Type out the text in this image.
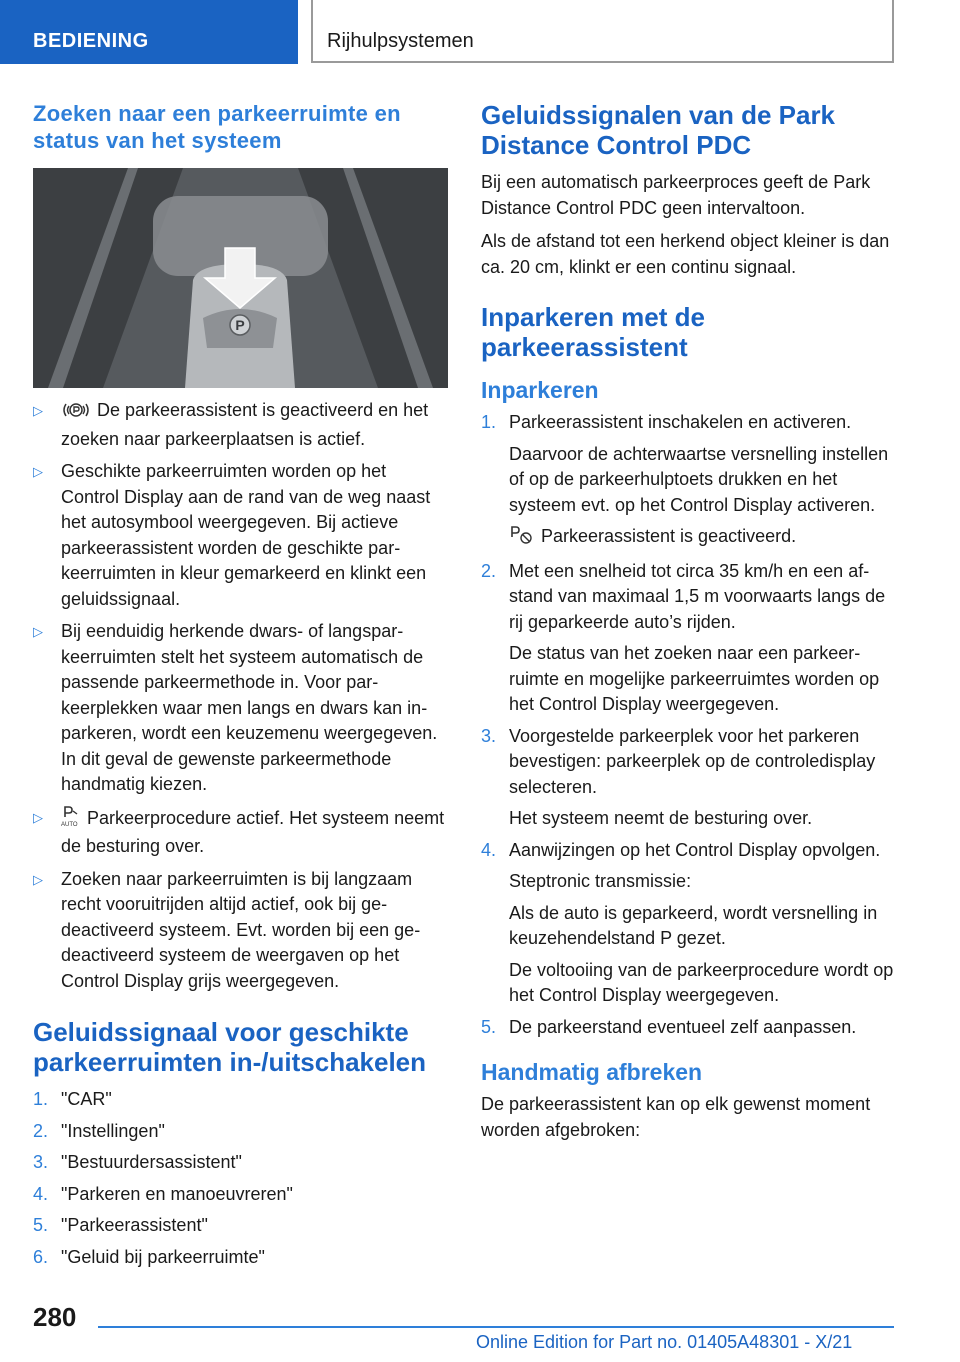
BEDIENING	Rijhulpsystemen
Zoeken naar een parkeerruimte en status van het systeem
P
▷	De parkeerassistent is geactiveerd en het zoeken naar parkeerplaatsen is actief.
▷ Geschikte parkeerruimten worden op het Control Display aan de rand van de weg naast het autosymbool weergegeven. Bij actieve parkeerassistent worden de geschikte parkeerruimten in kleur gemarkeerd en klinkt een geluidssignaal.
▷ Bij eenduidig herkende dwars- of langsparkeerruimten stelt het systeem automatisch de passende parkeermethode in. Voor parkeerplekken waar men langs en dwars kan inparkeren, wordt een keuzemenu weergegeven. In dit geval de gewenste parkeermethode handmatig kiezen.
▷	AUTO Parkeerprocedure actief. Het systeem neemt de besturing over.
▷ Zoeken naar parkeerruimten is bij langzaam recht vooruitrijden altijd actief, ook bij gedeactiveerd systeem. Evt. worden bij een gedeactiveerd systeem de weergaven op het Control Display grijs weergegeven.
Geluidssignaal voor geschikte parkeerruimten in-/uitschakelen
1. "CAR"
2. "Instellingen"
3. "Bestuurdersassistent"
4. "Parkeren en manoeuvreren"
5. "Parkeerassistent"
6. "Geluid bij parkeerruimte"
Geluidssignalen van de Park Distance Control PDC

Bij een automatisch parkeerproces geeft de Park Distance Control PDC geen intervaltoon.

Als de afstand tot een herkend object kleiner is dan ca. 20 cm, klinkt er een continu signaal.

Inparkeren met de parkeerassistent
Inparkeren
1. Parkeerassistent inschakelen en activeren.
Daarvoor de achterwaartse versnelling instellen of op de parkeerhulptoets drukken en het systeem evt. op het Control Display activeren.
Parkeerassistent is geactiveerd.
2. Met een snelheid tot circa 35 km/h en een afstand van maximaal 1,5 m voorwaarts langs de rij geparkeerde auto’s rijden.
De status van het zoeken naar een parkeerruimte en mogelijke parkeerruimtes worden op het Control Display weergegeven.
3. Voorgestelde parkeerplek voor het parkeren bevestigen: parkeerplek op de controledisplay selecteren.
Het systeem neemt de besturing over.
4. Aanwijzingen op het Control Display opvolgen.
Steptronic transmissie:
Als de auto is geparkeerd, wordt versnelling in keuzehendelstand P gezet.
De voltooiing van de parkeerprocedure wordt op het Control Display weergegeven.
5. De parkeerstand eventueel zelf aanpassen.
Handmatig afbreken

De parkeerassistent kan op elk gewenst moment worden afgebroken:

280
Online Edition for Part no. 01405A48301 - X/21
